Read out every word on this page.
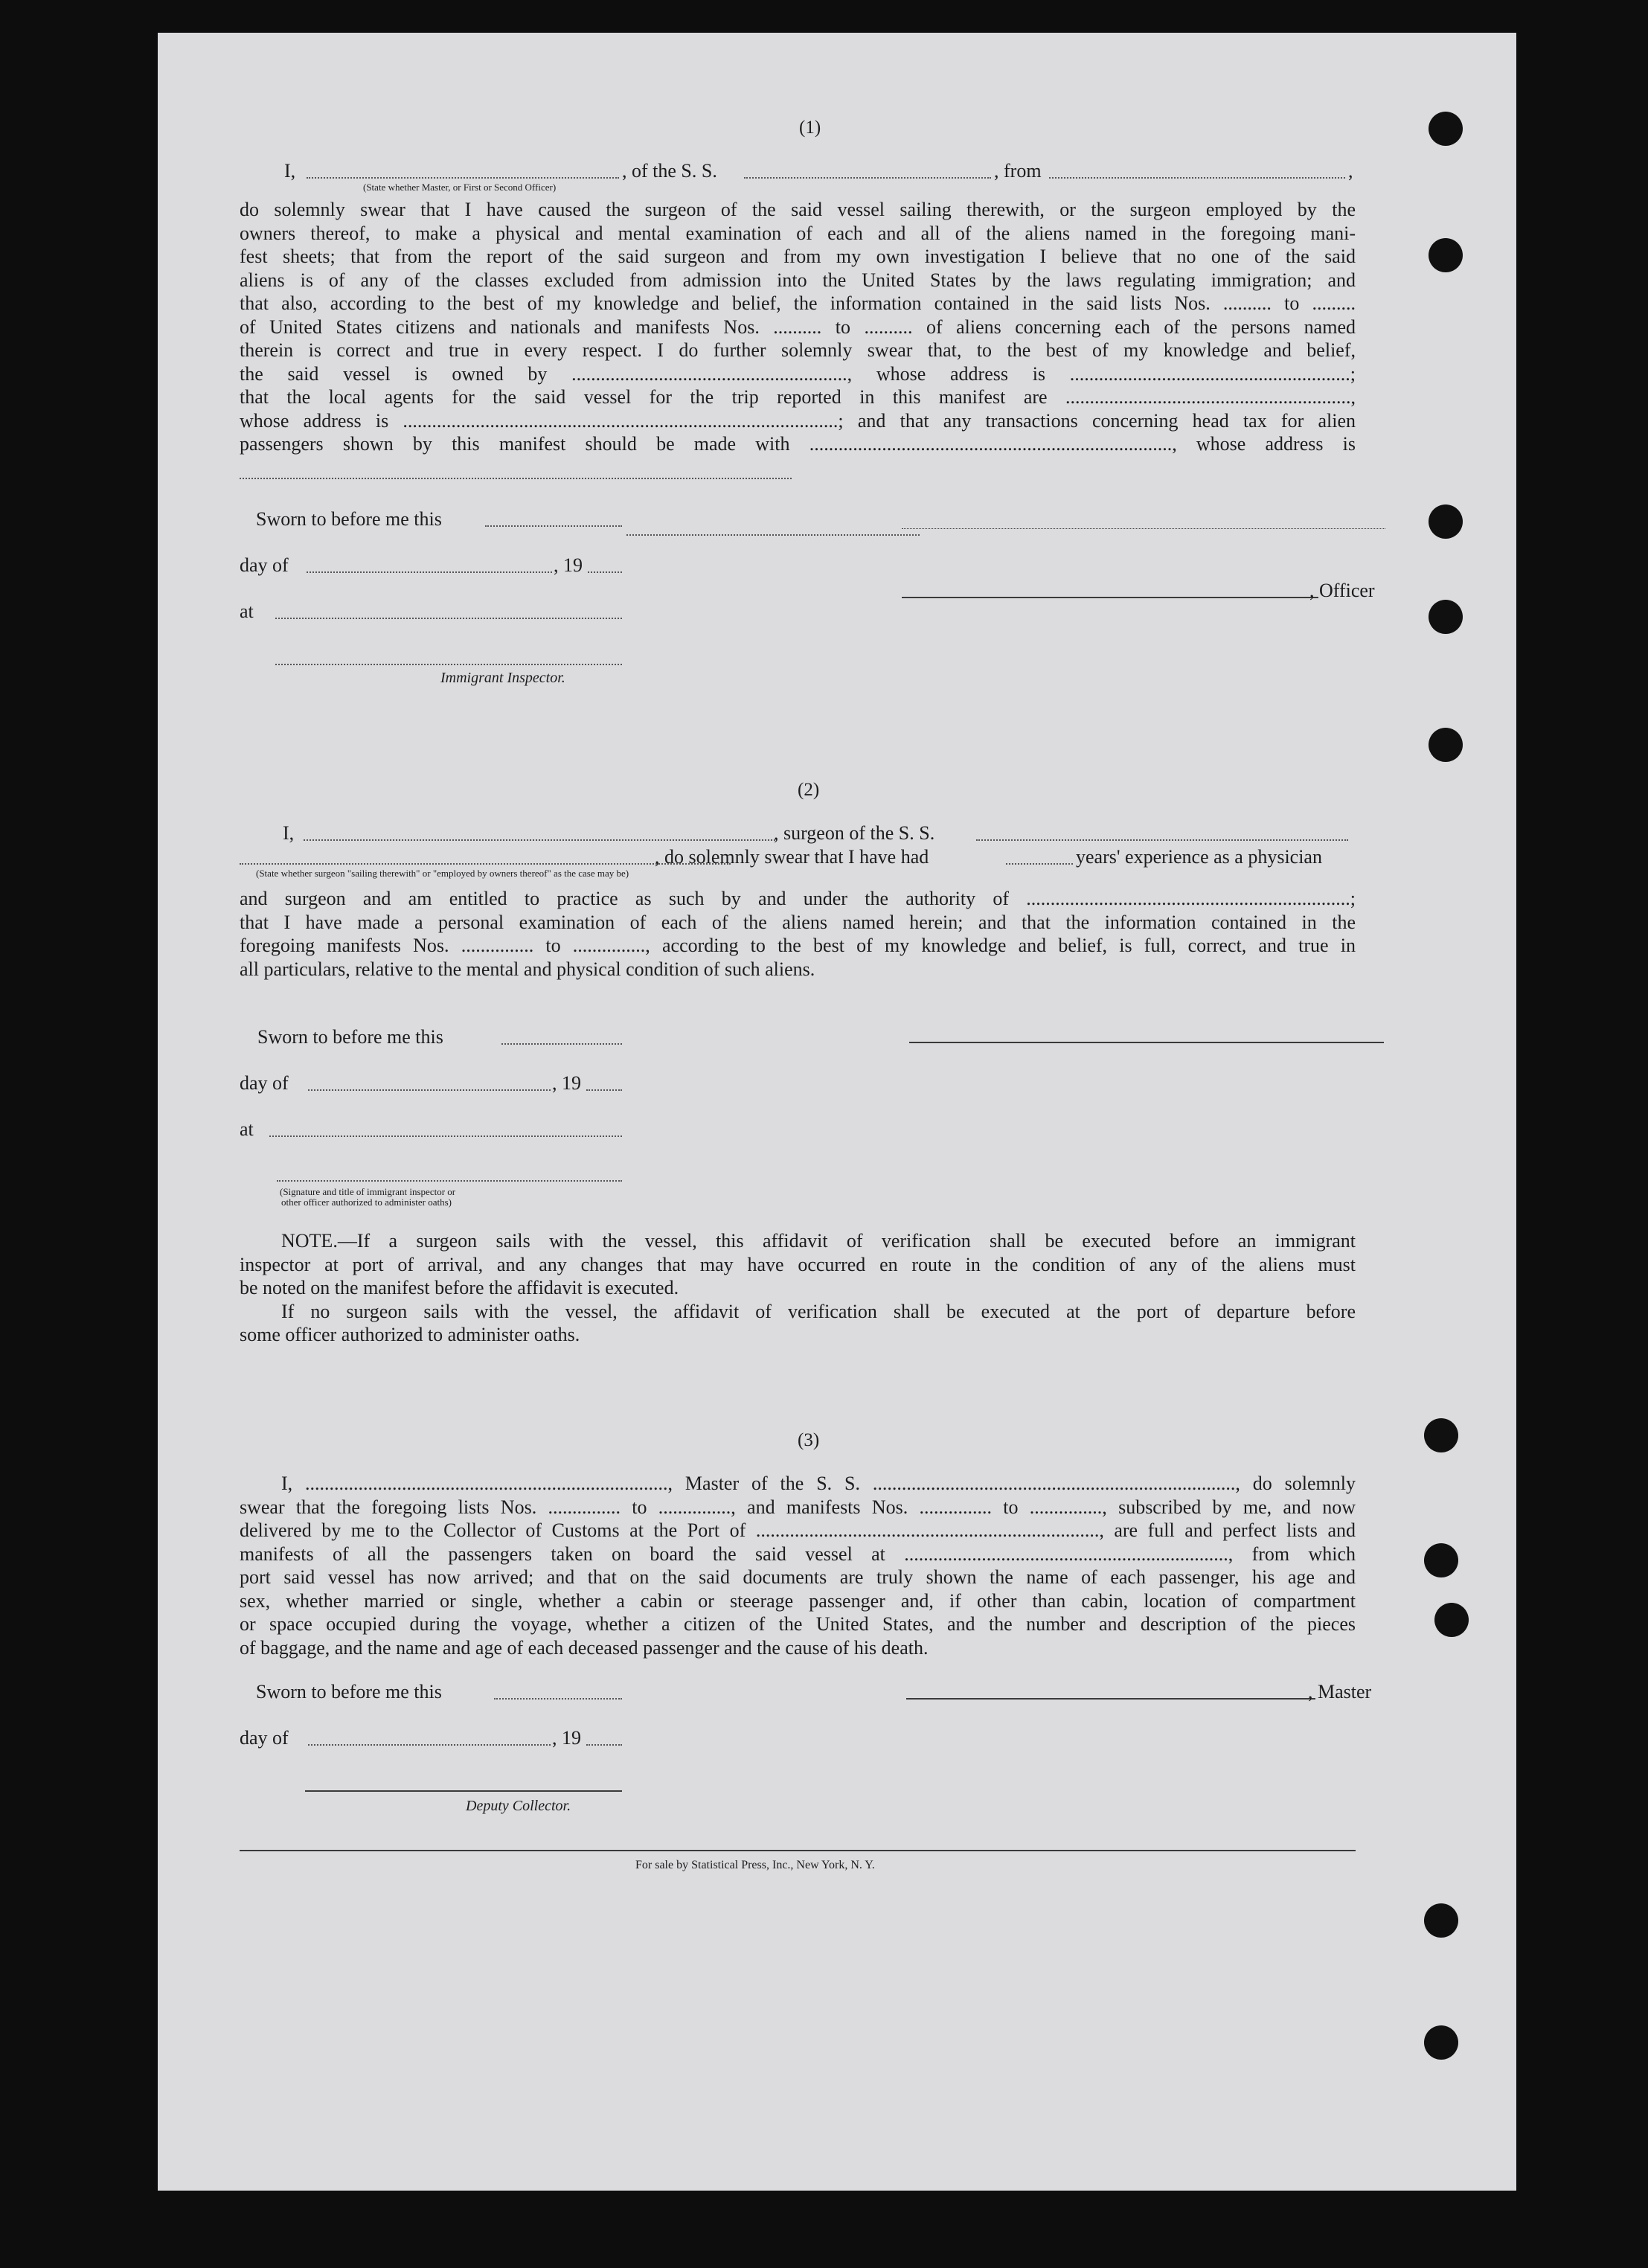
(1)
I,	, of the S. S.	, from	,
(State whether Master, or First or Second Officer)
do solemnly swear that I have caused the surgeon of the said vessel sailing therewith, or the surgeon employed by the
owners thereof, to make a physical and mental examination of each and all of the aliens named in the foregoing mani-
fest sheets; that from the report of the said surgeon and from my own investigation I believe that no one of the said
aliens is of any of the classes excluded from admission into the United States by the laws regulating immigration; and
that also, according to the best of my knowledge and belief, the information contained in the said lists Nos. .......... to .........
of United States citizens and nationals and manifests Nos. .......... to .......... of aliens concerning each of the persons named
therein is correct and true in every respect. I do further solemnly swear that, to the best of my knowledge and belief,
the said vessel is owned by ........................................................., whose address is ..........................................................;
that the local agents for the said vessel for the trip reported in this manifest are ...........................................................,
whose address is ..........................................................................................; and that any transactions concerning head tax for alien
passengers shown by this manifest should be made with ..........................................................................., whose address is
Sworn to before me this
day of	, 19
, Officer
at
Immigrant Inspector.
(2)
I,	, surgeon of the S. S.
, do solemnly swear that I have had	years' experience as a physician
(State whether surgeon "sailing therewith" or "employed by owners thereof" as the case may be)
and surgeon and am entitled to practice as such by and under the authority of ...................................................................;
that I have made a personal examination of each of the aliens named herein; and that the information contained in the
foregoing manifests Nos. ............... to ..............., according to the best of my knowledge and belief, is full, correct, and true in
all particulars, relative to the mental and physical condition of such aliens.
Sworn to before me this
day of	, 19
at
(Signature and title of immigrant inspector or
other officer authorized to administer oaths)
NOTE.—If a surgeon sails with the vessel, this affidavit of verification shall be executed before an immigrant
inspector at port of arrival, and any changes that may have occurred en route in the condition of any of the aliens must
be noted on the manifest before the affidavit is executed.
If no surgeon sails with the vessel, the affidavit of verification shall be executed at the port of departure before
some officer authorized to administer oaths.
(3)
I, ..........................................................................., Master of the S. S. ..........................................................................., do solemnly
swear that the foregoing lists Nos. ............... to ..............., and manifests Nos. ............... to ..............., subscribed by me, and now
delivered by me to the Collector of Customs at the Port of ......................................................................., are full and perfect lists and
manifests of all the passengers taken on board the said vessel at ..................................................................., from which
port said vessel has now arrived; and that on the said documents are truly shown the name of each passenger, his age and
sex, whether married or single, whether a cabin or steerage passenger and, if other than cabin, location of compartment
or space occupied during the voyage, whether a citizen of the United States, and the number and description of the pieces
of baggage, and the name and age of each deceased passenger and the cause of his death.
Sworn to before me this	, Master
day of	, 19
Deputy Collector.
For sale by Statistical Press, Inc., New York, N. Y.
